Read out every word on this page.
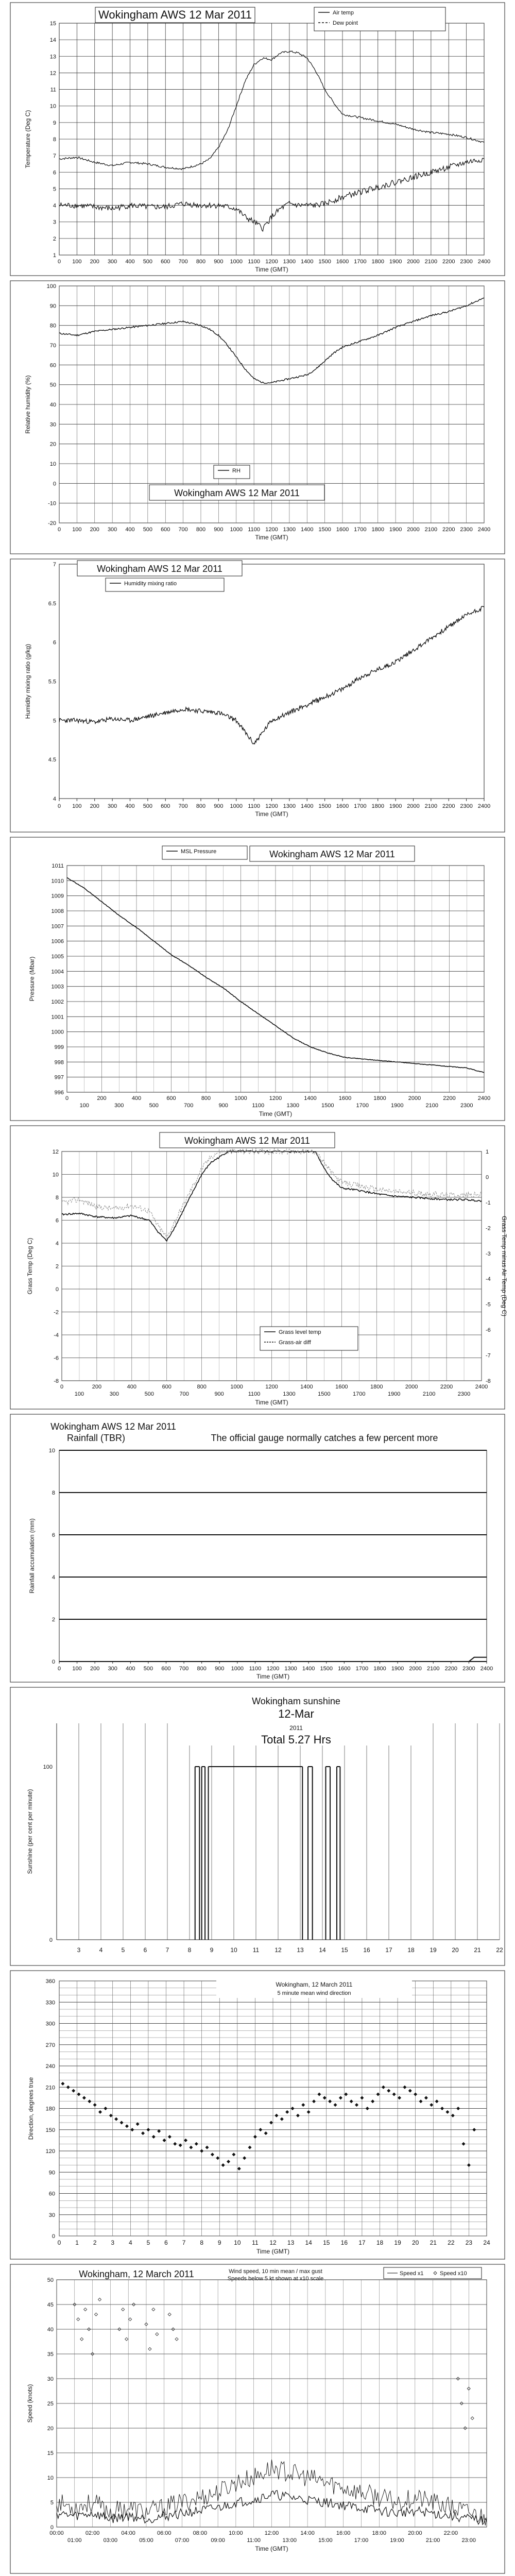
1
2
3
4
5
6
7
8
9
10
11
12
13
14
15
0 100 200 300 400 500 600 700 800 900 1000 1100 1200 1300 1400 1500 1600 1700 1800 1900 2000 2100 2200 2300 2400
Time (GMT)
Temperature (Deg C)
Wokingham AWS 12 Mar 2011	Air temp
Dew point
-20
-10
0
10
20
30
40
50
60
70
80
90
100
0 100 200 300 400 500 600 700 800 900 1000 1100 1200 1300 1400 1500 1600 1700 1800 1900 2000 2100 2200 2300 2400
Time (GMT)
Relative humidity (%)
RH
Wokingham AWS 12 Mar 2011
4
4.5
5
5.5
6
6.5
7
0 100 200 300 400 500 600 700 800 900 1000 1100 1200 1300 1400 1500 1600 1700 1800 1900 2000 2100 2200 2300 2400
Time (GMT)
Humidity mixing ratio (g/kg)
Wokingham AWS 12 Mar 2011
Humidity mixing ratio
996
997
998
999
1000
1001
1002
1003
1004
1005
1006
1007
1008
1009
1010
1011
0	200	400	600	800	1000	1200	1400	1600	1800	2000	2200	2400
100	300	500	700	900	1100	1300	1500	1700	1900	2100	2300
Time (GMT)
Pressure (Mbar)
MSL Pressure	Wokingham AWS 12 Mar 2011
-8
-6
-4
-2
0
2
4
6
8
10
12
-8
-7
-6
-5
-4
-3
-2
-1
0
1
0	200	400	600	800	1000	1200	1400	1600	1800	2000	2200	2400
100	300	500	700	900	1100	1300	1500	1700	1900	2100	2300
Time (GMT)
Grass Temp (Deg C)	Grass Temp minus Air Temp (Deg C)
Wokingham AWS 12 Mar 2011
Grass level temp
Grass-air diff
0
2
4
6
8
10
0 100 200 300 400 500 600 700 800 900 1000 1100 1200 1300 1400 1500 1600 1700 1800 1900 2000 2100 2200 2300 2400
Time (GMT)
Rainfall accumulation (mm)
Wokingham AWS 12 Mar 2011
Rainfall (TBR)	The official gauge normally catches a few percent more
3	4	5	6	7	8	9	10	11	12 13 14 15 16 17 18 19 20 21 22
0
100
Sunshine (per cent per minute)
Wokingham sunshine
12-Mar
2011
Total 5.27 Hrs
0
30
60
90
120
150
180
210
240
270
300
330
360
0 1 2 3 4 5 6 7 8 9 10 11 12 13 14 15 16 17 18 19 20 21 22 23 24
Time (GMT)
Direction, degrees true
Wokingham, 12 March 2011
5 minute mean wind direction
0
5
10
15
20
25
30
35
40
45
50
00:00	02:00	04:00	06:00	08:00	10:00	12:00	14:00	16:00	18:00	20:00	22:00
01:00	03:00	05:00	07:00	09:00	11:00	13:00	15:00	17:00	19:00	21:00	23:00
Time (GMT)
Speed (knots)
Wokingham, 12 March 2011	Wind speed, 10 min mean / max gust
Speeds below 5 kt shown at x10 scale
Speed x1	Speed x10
